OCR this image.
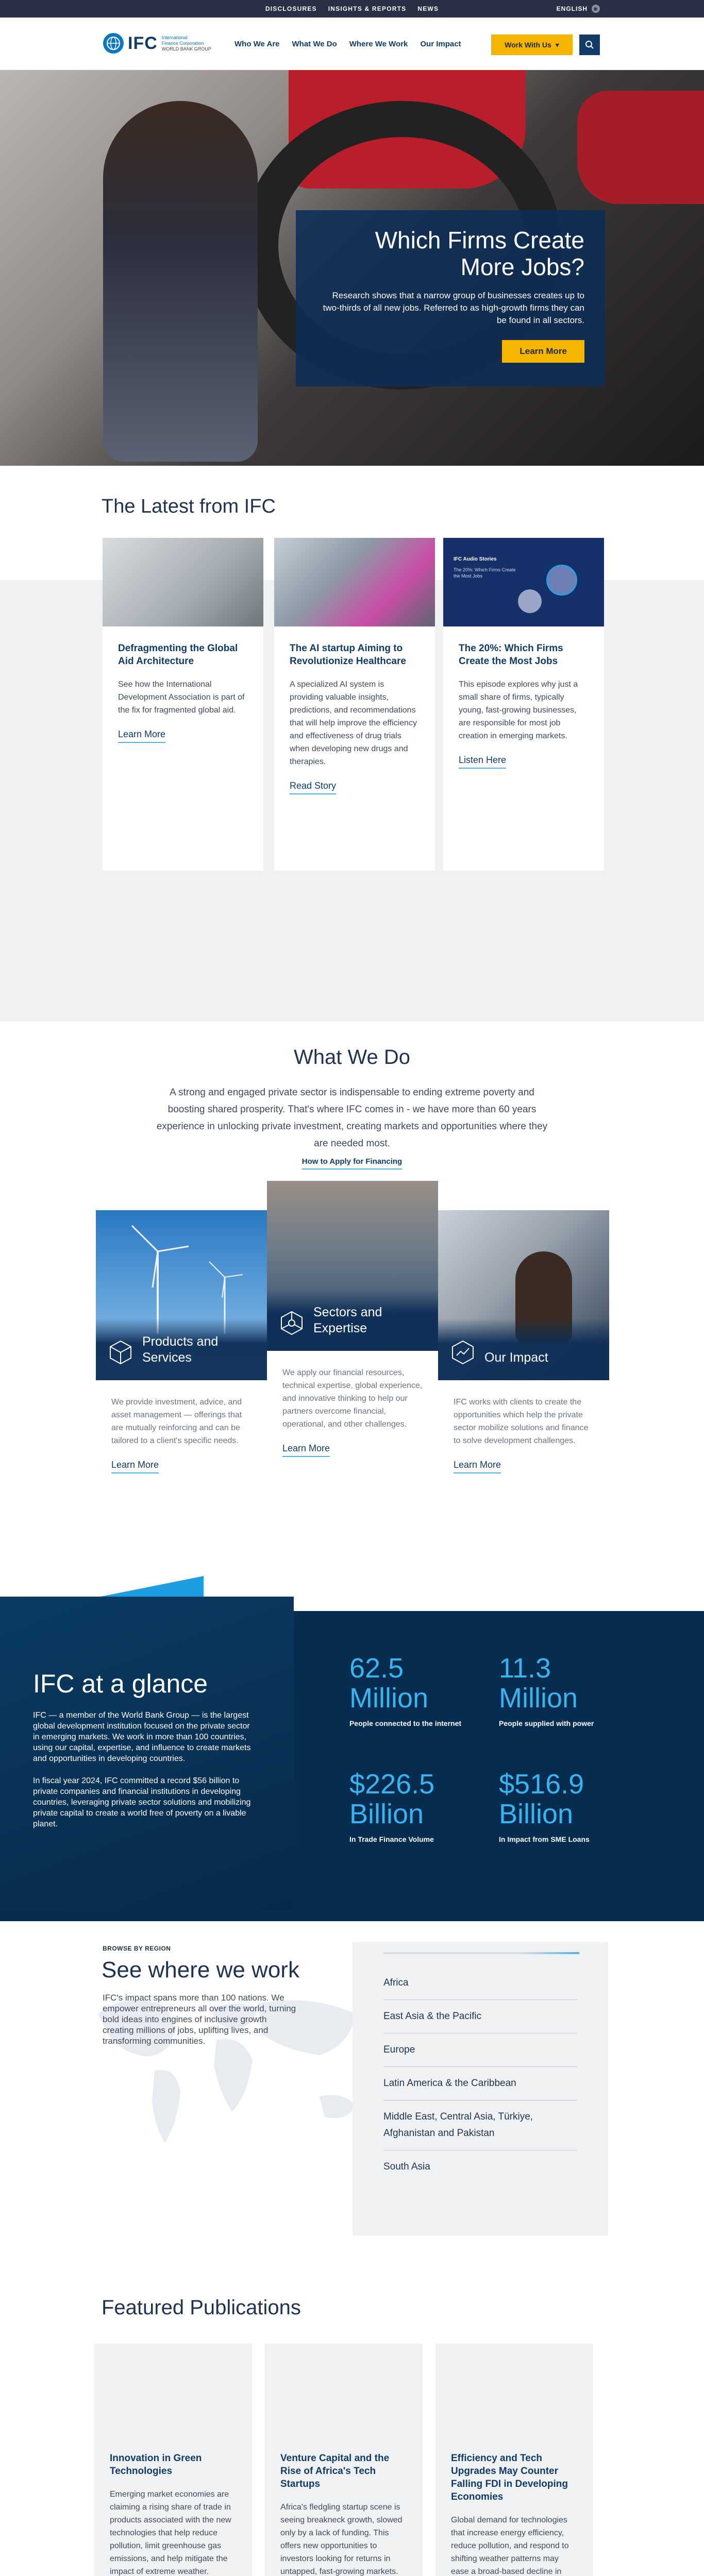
DISCLOSURES INSIGHTS & REPORTS NEWS	ENGLISH	◉
IFC International
Finance Corporation
WORLD BANK GROUP
Who We Are What We Do Where We Work Our Impact	Work With Us ▾
Which Firms Create More Jobs?

Research shows that a narrow group of businesses creates up to two-thirds of all new jobs. Referred to as high-growth firms they can be found in all sectors.

Learn More
The Latest from IFC
Defragmenting the Global Aid Architecture

See how the International Development Association is part of the fix for fragmented global aid.

Learn More
The AI startup Aiming to Revolutionize Healthcare

A specialized AI system is providing valuable insights, predictions, and recommendations that will help improve the efficiency and effectiveness of drug trials when developing new drugs and therapies.

Read Story
IFC Audio Stories
The 20%: Which Firms Create the Most Jobs
The 20%: Which Firms Create the Most Jobs

This episode explores why just a small share of firms, typically young, fast-growing businesses, are responsible for most job creation in emerging markets.

Listen Here
What We Do

A strong and engaged private sector is indispensable to ending extreme poverty and boosting shared prosperity. That's where IFC comes in - we have more than 60 years experience in unlocking private investment, creating markets and opportunities where they are needed most.

How to Apply for Financing
Products and Services

We provide investment, advice, and asset management — offerings that are mutually reinforcing and can be tailored to a client's specific needs.

Learn More
Sectors and Expertise

We apply our financial resources, technical expertise, global experience, and innovative thinking to help our partners overcome financial, operational, and other challenges.

Learn More
Our Impact

IFC works with clients to create the opportunities which help the private sector mobilize solutions and finance to solve development challenges.

Learn More
IFC at a glance

IFC — a member of the World Bank Group — is the largest global development institution focused on the private sector in emerging markets. We work in more than 100 countries, using our capital, expertise, and influence to create markets and opportunities in developing countries.

In fiscal year 2024, IFC committed a record $56 billion to private companies and financial institutions in developing countries, leveraging private sector solutions and mobilizing private capital to create a world free of poverty on a livable planet.

62.5 Million
People connected to the internet
11.3 Million
People supplied with power
$226.5 Billion
In Trade Finance Volume
$516.9 Billion
In Impact from SME Loans
BROWSE BY REGION
See where we work

IFC's impact spans more than 100 nations. We empower entrepreneurs all over the world, turning bold ideas into engines of inclusive growth creating millions of jobs, uplifting lives, and transforming communities.

Africa
East Asia & the Pacific
Europe
Latin America & the Caribbean
Middle East, Central Asia, Türkiye, Afghanistan and Pakistan
South Asia
Featured Publications
Innovation in Green Technologies

Emerging market economies are claiming a rising share of trade in products associated with the new technologies that help reduce pollution, limit greenhouse gas emissions, and help mitigate the impact of extreme weather.

Venture Capital and the Rise of Africa's Tech Startups

Africa's fledgling startup scene is seeing breakneck growth, slowed only by a lack of funding. This offers new opportunities to investors looking for returns in untapped, fast-growing markets.

Efficiency and Tech Upgrades May Counter Falling FDI in Developing Economies

Global demand for technologies that increase energy efficiency, reduce pollution, and respond to shifting weather patterns may ease a broad-based decline in
